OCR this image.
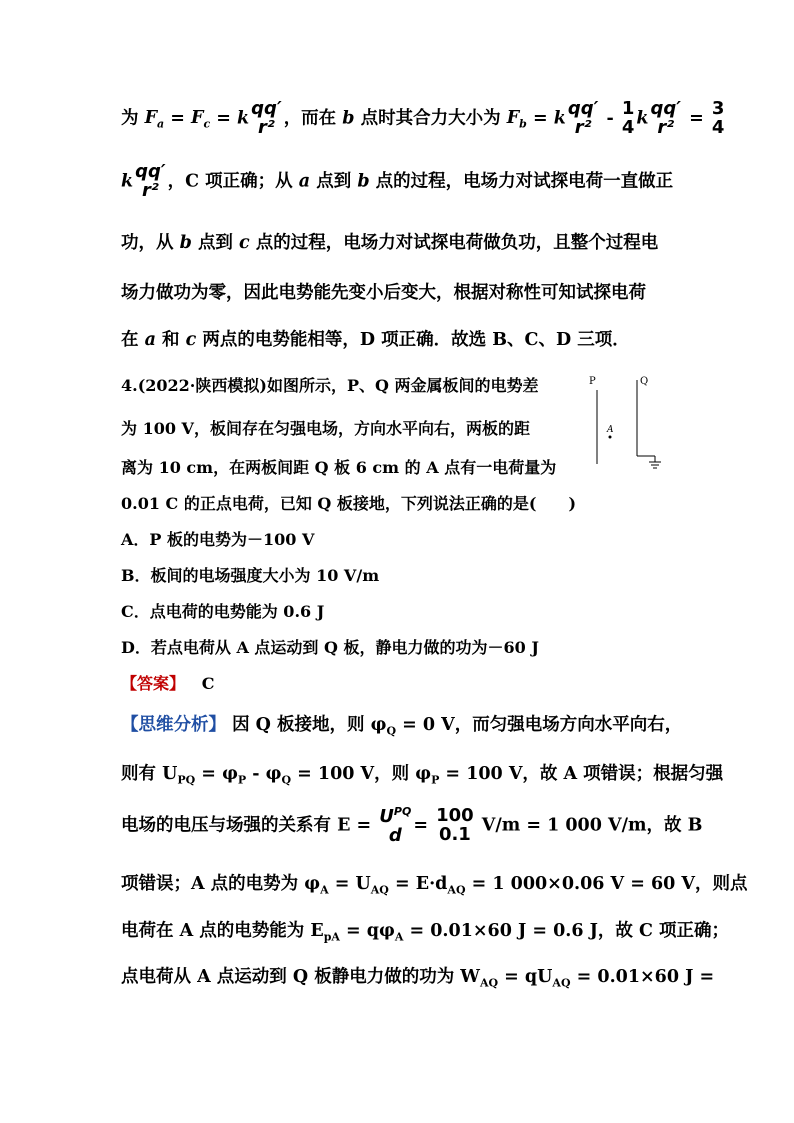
为 $F_a = F_c = k$ qq′
r² ，而在 b 点时其合力大小为 $F_b = k$ qq′
r² - 1
4 k qq′
r² = 3
4
k qq′
r² ，C 项正确；从 a 点到 b 点的过程，电场力对试探电荷一直做正
功，从 b 点到 c 点的过程，电场力对试探电荷做负功，且整个过程电
场力做功为零，因此电势能先变小后变大，根据对称性可知试探电荷
在 a 和 c 两点的电势能相等，D 项正确．故选 B、C、D 三项．
4.(2022·陕西模拟)如图所示，P、Q 两金属板间的电势差
为 100 V，板间存在匀强电场，方向水平向右，两板的距
离为 10 cm，在两板间距 Q 板 6 cm 的 A 点有一电荷量为
0.01 C 的正点电荷，已知 Q 板接地，下列说法正确的是(　　)
P	Q
A
A．P 板的电势为－100 V
B．板间的电场强度大小为 10 V/m
C．点电荷的电势能为 0.6 J
D．若点电荷从 A 点运动到 Q 板，静电力做的功为－60 J
【答案】 C
【思维分析】 因 Q 板接地，则 $\varphi_Q = 0$ V，而匀强电场方向水平向右，
则有 $U_{PQ} = \varphi_P - \varphi_Q = 100$ V，则 $\varphi_P = 100$ V，故 A 项错误；根据匀强
电场的电压与场强的关系有 $E = U^{PQ}$
d = 100
0.1 V/m = 1 000 V/m，故 B
项错误；A 点的电势为 $\varphi_A = U_{AQ} = E\cdot d_{AQ} = 1$ 000×0.06 V = 60 V，则点
电荷在 A 点的电势能为 $E_{pA} = q\varphi_A = 0.01\times 60$ J = 0.6 J，故 C 项正确；
点电荷从 A 点运动到 Q 板静电力做的功为 $W_{AQ} = qU_{AQ} = 0.01\times 60$ J =
